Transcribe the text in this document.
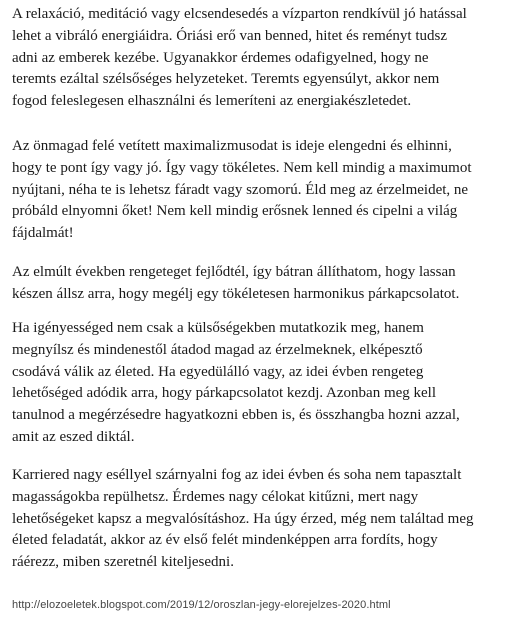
A relaxáció, meditáció vagy elcsendesedés a vízparton rendkívül jó hatással
lehet a vibráló energiáidra. Óriási erő van benned, hitet és reményt tudsz
adni az emberek kezébe. Ugyanakkor érdemes odafigyelned, hogy ne
teremts ezáltal szélsőséges helyzeteket. Teremts egyensúlyt, akkor nem
fogod feleslegesen elhasználni és lemeríteni az energiakészletedet.

Az önmagad felé vetített maximalizmusodat is ideje elengedni és elhinni,
hogy te pont így vagy jó. Így vagy tökéletes. Nem kell mindig a maximumot
nyújtani, néha te is lehetsz fáradt vagy szomorú. Éld meg az érzelmeidet, ne
próbáld elnyomni őket! Nem kell mindig erősnek lenned és cipelni a világ
fájdalmát!

Az elmúlt években rengeteget fejlődtél, így bátran állíthatom, hogy lassan
készen állsz arra, hogy megélj egy tökéletesen harmonikus párkapcsolatot.

Ha igényességed nem csak a külsőségekben mutatkozik meg, hanem
megnyílsz és mindenestől átadod magad az érzelmeknek, elképesztő
csodává válik az életed. Ha egyedülálló vagy, az idei évben rengeteg
lehetőséged adódik arra, hogy párkapcsolatot kezdj. Azonban meg kell
tanulnod a megérzésedre hagyatkozni ebben is, és összhangba hozni azzal,
amit az eszed diktál.

Karriered nagy eséllyel szárnyalni fog az idei évben és soha nem tapasztalt
magasságokba repülhetsz. Érdemes nagy célokat kitűzni, mert nagy
lehetőségeket kapsz a megvalósításhoz. Ha úgy érzed, még nem találtad meg
életed feladatát, akkor az év első felét mindenképpen arra fordíts, hogy
ráérezz, miben szeretnél kiteljesedni.

http://elozoeletek.blogspot.com/2019/12/oroszlan-jegy-elorejelzes-2020.html
